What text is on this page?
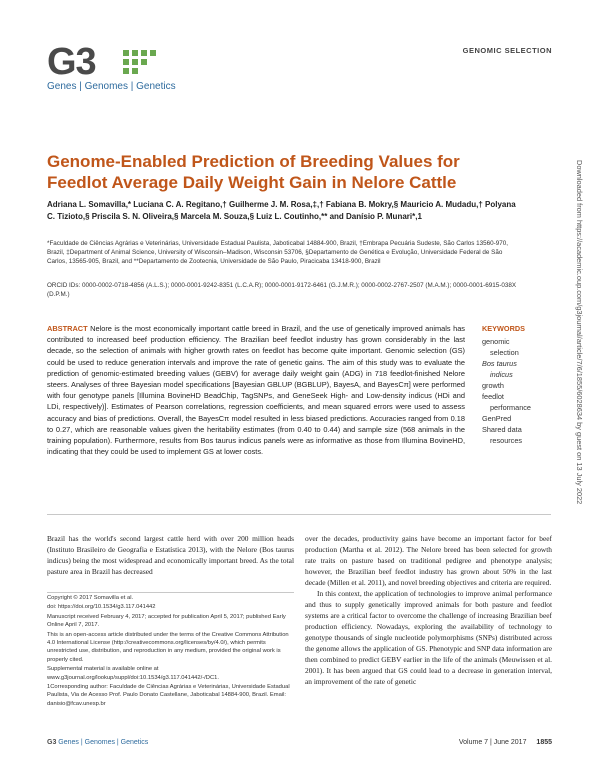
G3
Genes | Genomes | Genetics
GENOMIC SELECTION
Genome-Enabled Prediction of Breeding Values for Feedlot Average Daily Weight Gain in Nelore Cattle
Adriana L. Somavilla,* Luciana C. A. Regitano,† Guilherme J. M. Rosa,‡,† Fabiana B. Mokry,§ Mauricio A. Mudadu,† Polyana C. Tizioto,§ Priscila S. N. Oliveira,§ Marcela M. Souza,§ Luiz L. Coutinho,** and Danísio P. Munari*,1
*Faculdade de Ciências Agrárias e Veterinárias, Universidade Estadual Paulista, Jaboticabal 14884-900, Brazil, †Embrapa Pecuária Sudeste, São Carlos 13560-970, Brazil, ‡Department of Animal Science, University of Wisconsin–Madison, Wisconsin 53706, §Departamento de Genética e Evolução, Universidade Federal de São Carlos, 13565-905, Brazil, and **Departamento de Zootecnia, Universidade de São Paulo, Piracicaba 13418-900, Brazil
ORCID IDs: 0000-0002-0718-4856 (A.L.S.); 0000-0001-9242-8351 (L.C.A.R); 0000-0001-9172-6461 (G.J.M.R.); 0000-0002-2767-2507 (M.A.M.); 0000-0001-6915-038X (D.P.M.)
ABSTRACT Nelore is the most economically important cattle breed in Brazil, and the use of genetically improved animals has contributed to increased beef production efficiency. The Brazilian beef feedlot industry has grown considerably in the last decade, so the selection of animals with higher growth rates on feedlot has become quite important. Genomic selection (GS) could be used to reduce generation intervals and improve the rate of genetic gains. The aim of this study was to evaluate the prediction of genomic-estimated breeding values (GEBV) for average daily weight gain (ADG) in 718 feedlot-finished Nelore steers. Analyses of three Bayesian model specifications [Bayesian GBLUP (BGBLUP), BayesA, and BayesCπ] were performed with four genotype panels [Illumina BovineHD BeadChip, TagSNPs, and GeneSeek High- and Low-density indicus (HDi and LDi, respectively)]. Estimates of Pearson correlations, regression coefficients, and mean squared errors were used to assess accuracy and bias of predictions. Overall, the BayesCπ model resulted in less biased predictions. Accuracies ranged from 0.18 to 0.27, which are reasonable values given the heritability estimates (from 0.40 to 0.44) and sample size (568 animals in the training population). Furthermore, results from Bos taurus indicus panels were as informative as those from Illumina BovineHD, indicating that they could be used to implement GS at lower costs.
KEYWORDS
genomic
selection
Bos taurus
indicus
growth
feedlot
performance
GenPred
Shared data
resources

Brazil has the world's second largest cattle herd with over 200 million heads (Instituto Brasileiro de Geografia e Estatística 2013), with the Nelore (Bos taurus indicus) being the most widespread and economically important breed. As the total pasture area in Brazil has decreased

Copyright © 2017 Somavilla et al.

doi: https://doi.org/10.1534/g3.117.041442

Manuscript received February 4, 2017; accepted for publication April 5, 2017; published Early Online April 7, 2017.

This is an open-access article distributed under the terms of the Creative Commons Attribution 4.0 International License (http://creativecommons.org/licenses/by/4.0/), which permits unrestricted use, distribution, and reproduction in any medium, provided the original work is properly cited.

Supplemental material is available online at www.g3journal.org/lookup/suppl/doi:10.1534/g3.117.041442/-/DC1.

1Corresponding author: Faculdade de Ciências Agrárias e Veterinárias, Universidade Estadual Paulista, Via de Acesso Prof. Paulo Donato Castellane, Jaboticabal 14884-900, Brazil. Email: danisio@fcav.unesp.br

over the decades, productivity gains have become an important factor for beef production (Martha et al. 2012). The Nelore breed has been selected for growth rate traits on pasture based on traditional pedigree and phenotype analysis; however, the Brazilian beef feedlot industry has grown about 50% in the last decade (Millen et al. 2011), and novel breeding objectives and criteria are required.

In this context, the application of technologies to improve animal performance and thus to supply genetically improved animals for both pasture and feedlot systems are a critical factor to overcome the challenge of increasing Brazilian beef production efficiency. Nowadays, exploring the availability of technology to genotype thousands of single nucleotide polymorphisms (SNPs) distributed across the genome allows the application of GS. Phenotypic and SNP data information are then combined to predict GEBV earlier in the life of the animals (Meuwissen et al. 2001). It has been argued that GS could lead to a decrease in generation interval, an improvement of the rate of genetic

G3 Genes | Genomes | Genetics	Volume 7 | June 2017 1855
Downloaded from https://academic.oup.com/g3journal/article/7/6/1855/6028634 by guest on 13 July 2022
